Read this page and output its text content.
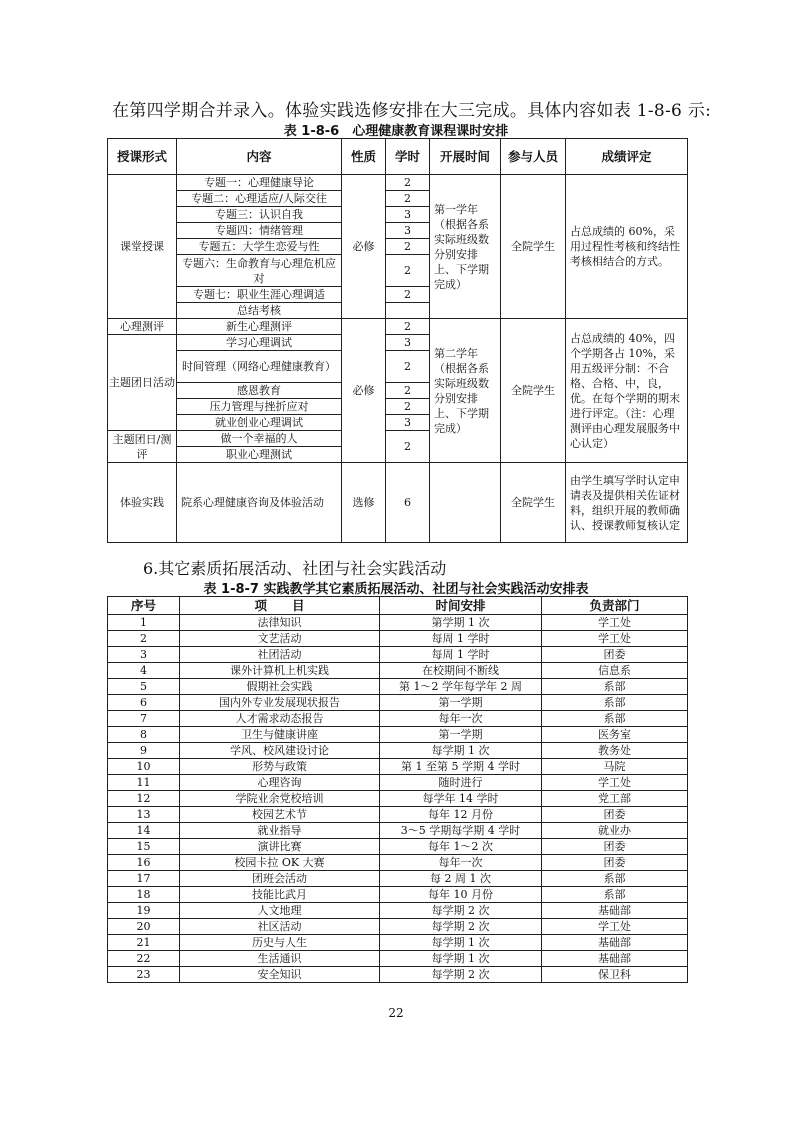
在第四学期合并录入。体验实践选修安排在大三完成。具体内容如表 1-8-6 示:
表 1-8-6　心理健康教育课程课时安排
授课形式	内容	性质	学时	开展时间	参与人员	成绩评定
课堂授课	专题一：心理健康导论	必修	2	第一学年（根据各系实际班级数分别安排上、下学期完成）	全院学生	占总成绩的 60%，采用过程性考核和终结性考核相结合的方式。
	专题二：心理适应/人际交往		2			
	专题三：认识自我		3			
	专题四：情绪管理		3			
	专题五：大学生恋爱与性		2			
	专题六：生命教育与心理危机应对		2			
	专题七：职业生涯心理调适		2			
	总结考核					
心理测评	新生心理测评	必修	2	第二学年（根据各系实际班级数分别安排上、下学期完成）	全院学生	占总成绩的 40%，四个学期各占 10%，采用五级评分制：不合格、合格、中，良，优。在每个学期的期末进行评定。（注：心理测评由心理发展服务中心认定）
主题团日活动	学习心理调试		3			
	时间管理（网络心理健康教育）		2			
	感恩教育		2			
	压力管理与挫折应对		2			
	就业创业心理调试		3			
主题团日/测评	做一个幸福的人		2			
	职业心理测试					
体验实践	院系心理健康咨询及体验活动	选修	6		全院学生	由学生填写学时认定申请表及提供相关佐证材料，组织开展的教师确认、授课教师复核认定
6.其它素质拓展活动、社团与社会实践活动
表 1-8-7 实践教学其它素质拓展活动、社团与社会实践活动安排表
序号	项　　目	时间安排	负责部门
1	法律知识	第学期 1 次	学工处
2	文艺活动	每周 1 学时	学工处
3	社团活动	每周 1 学时	团委
4	课外计算机上机实践	在校期间不断线	信息系
5	假期社会实践	第 1～2 学年每学年 2 周	系部
6	国内外专业发展现状报告	第一学期	系部
7	人才需求动态报告	每年一次	系部
8	卫生与健康讲座	第一学期	医务室
9	学风、校风建设讨论	每学期 1 次	教务处
10	形势与政策	第 1 至第 5 学期 4 学时	马院
11	心理咨询	随时进行	学工处
12	学院业余党校培训	每学年 14 学时	党工部
13	校园艺术节	每年 12 月份	团委
14	就业指导	3～5 学期每学期 4 学时	就业办
15	演讲比赛	每年 1～2 次	团委
16	校园卡拉 OK 大赛	每年一次	团委
17	团班会活动	每 2 周 1 次	系部
18	技能比武月	每年 10 月份	系部
19	人文地理	每学期 2 次	基础部
20	社区活动	每学期 2 次	学工处
21	历史与人生	每学期 1 次	基础部
22	生活通识	每学期 1 次	基础部
23	安全知识	每学期 2 次	保卫科
22
